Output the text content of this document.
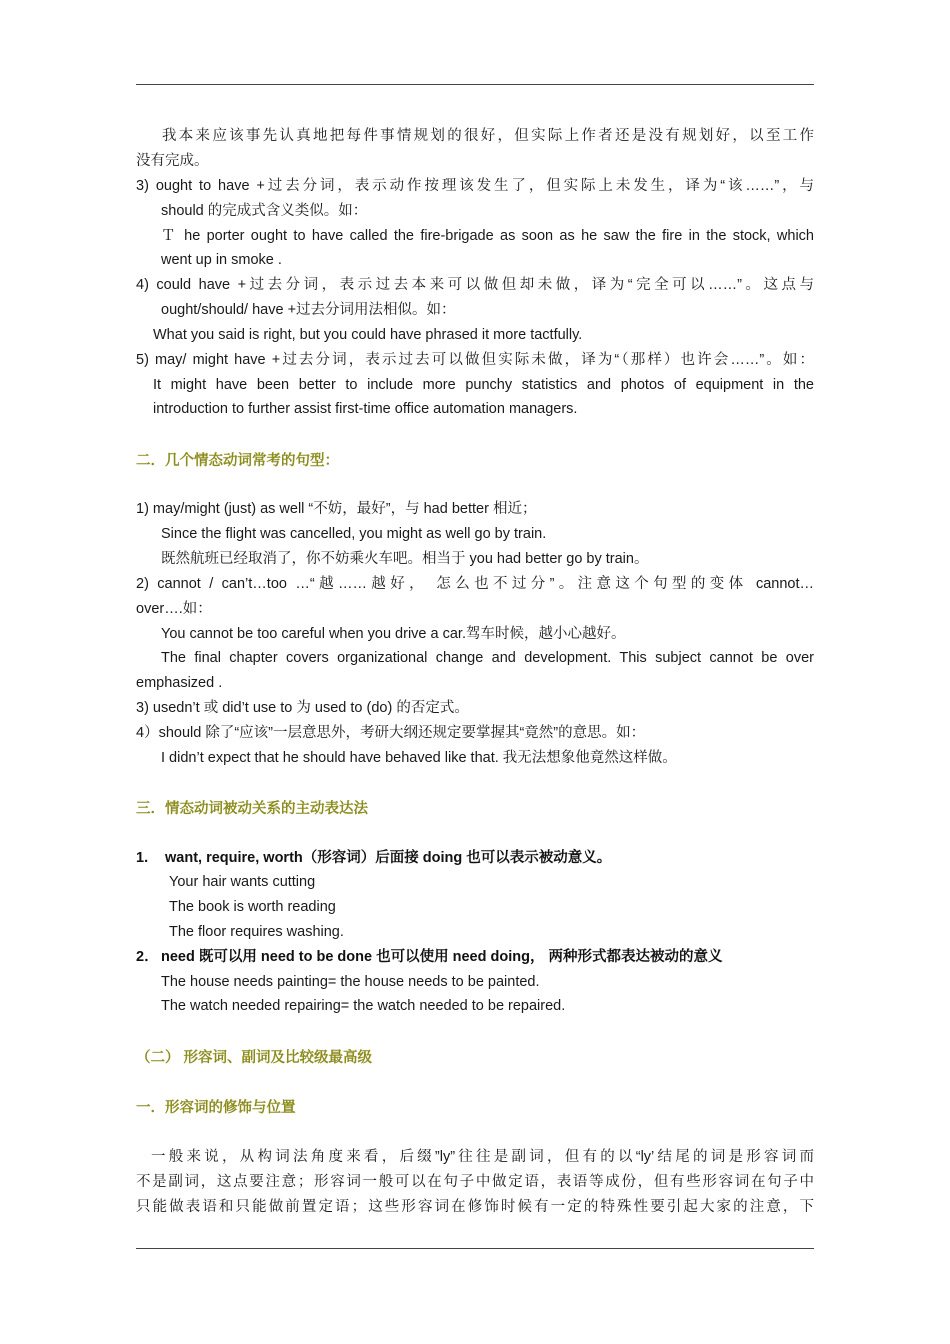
我本来应该事先认真地把每件事情规划的很好，但实际上作者还是没有规划好，以至工作
没有完成。
3) ought to have +过去分词，表示动作按理该发生了，但实际上未发生，译为“该……”，与
should 的完成式含义类似。如：
Ｔ he porter ought to have called the fire-brigade as soon as he saw the fire in the stock, which
went up in smoke .
4) could have +过去分词，表示过去本来可以做但却未做，译为“完全可以……”。这点与
ought/should/ have +过去分词用法相似。如：
What you said is right, but you could have phrased it more tactfully.
5) may/ might have +过去分词，表示过去可以做但实际未做，译为“（那样）也许会……”。如：
It might have been better to include more punchy statistics and photos of equipment in the
introduction to further assist first-time office automation managers.
二．几个情态动词常考的句型：
1) may/might (just) as well “不妨，最好”，与 had better 相近；
Since the flight was cancelled, you might as well go by train.
既然航班已经取消了，你不妨乘火车吧。相当于 you had better go by train。
2) cannot / can’t…too …“越……越好， 怎么也不过分”。注意这个句型的变体 cannot…
over….如：
You cannot be too careful when you drive a car.驾车时候，越小心越好。
The final chapter covers organizational change and development. This subject cannot be over
emphasized .
3) usedn’t 或 did’t use to 为 used to (do) 的否定式。
4）should 除了“应该”一层意思外，考研大纲还规定要掌握其“竟然”的意思。如：
I didn’t expect that he should have behaved like that. 我无法想象他竟然这样做。
三．情态动词被动关系的主动表达法
1. want, require, worth（形容词）后面接 doing 也可以表示被动意义。
Your hair wants cutting
The book is worth reading
The floor requires washing.
2． need 既可以用 need to be done 也可以使用 need doing， 两种形式都表达被动的意义
The house needs painting= the house needs to be painted.
The watch needed repairing= the watch needed to be repaired.
（二） 形容词、副词及比较级最高级
一．形容词的修饰与位置
一般来说，从构词法角度来看，后缀”ly”往往是副词，但有的以“ly’结尾的词是形容词而
不是副词，这点要注意；形容词一般可以在句子中做定语，表语等成份，但有些形容词在句子中
只能做表语和只能做前置定语；这些形容词在修饰时候有一定的特殊性要引起大家的注意，下
